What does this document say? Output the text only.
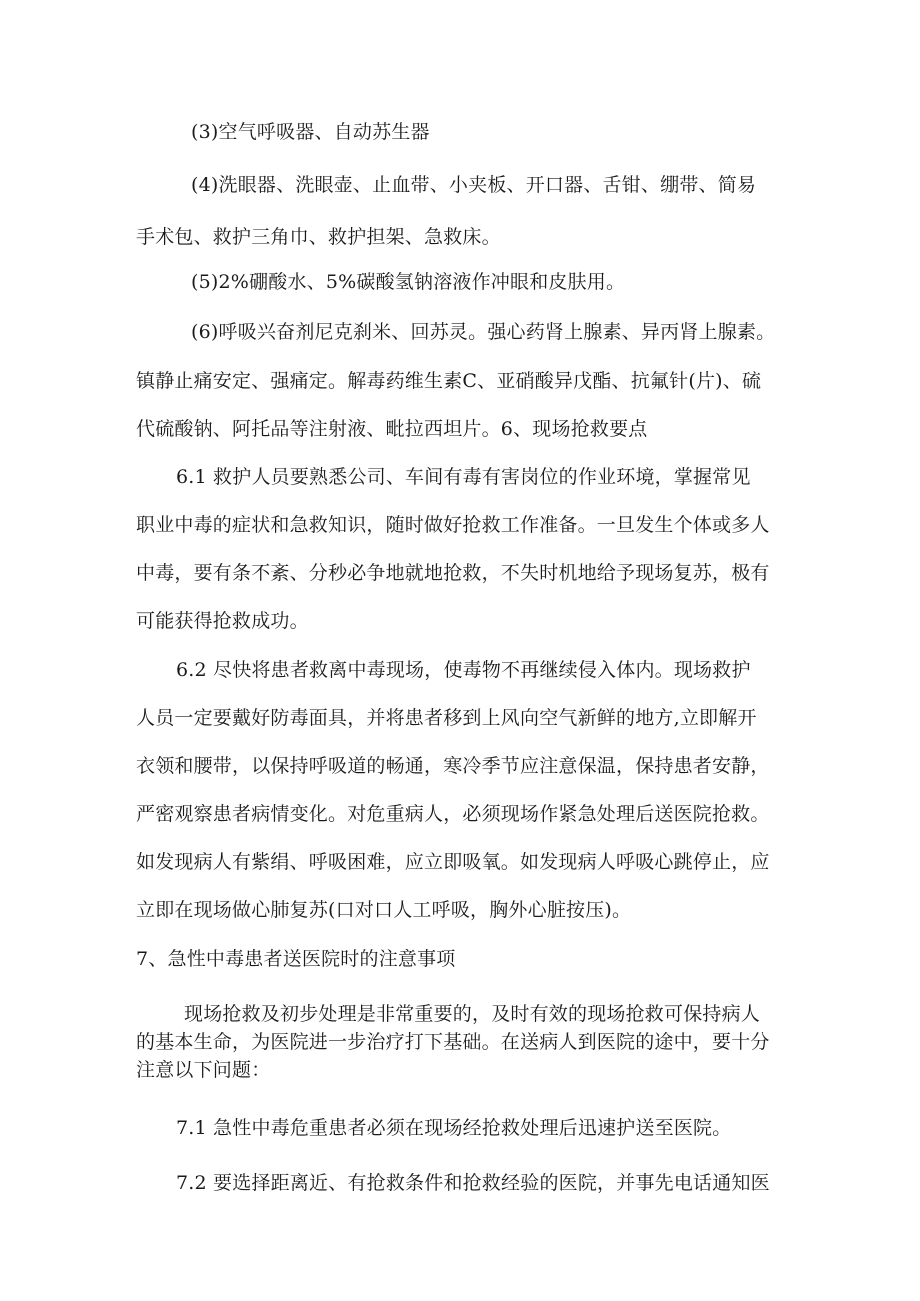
(3)空气呼吸器、自动苏生器

(4)洗眼器、洗眼壶、止血带、小夹板、开口器、舌钳、绷带、简易

手术包、救护三角巾、救护担架、急救床。

(5)2%硼酸水、5%碳酸氢钠溶液作冲眼和皮肤用。

(6)呼吸兴奋剂尼克刹米、回苏灵。强心药肾上腺素、异丙肾上腺素。

镇静止痛安定、强痛定。解毒药维生素C、亚硝酸异戊酯、抗氟针(片)、硫

代硫酸钠、阿托品等注射液、毗拉西坦片。6、现场抢救要点

6.1 救护人员要熟悉公司、车间有毒有害岗位的作业环境，掌握常见

职业中毒的症状和急救知识，随时做好抢救工作准备。一旦发生个体或多人

中毒，要有条不紊、分秒必争地就地抢救，不失时机地给予现场复苏，极有

可能获得抢救成功。

6.2 尽快将患者救离中毒现场，使毒物不再继续侵入体内。现场救护

人员一定要戴好防毒面具，并将患者移到上风向空气新鲜的地方,立即解开

衣领和腰带，以保持呼吸道的畅通，寒冷季节应注意保温，保持患者安静，

严密观察患者病情变化。对危重病人，必须现场作紧急处理后送医院抢救。

如发现病人有紫绢、呼吸困难，应立即吸氧。如发现病人呼吸心跳停止，应

立即在现场做心肺复苏(口对口人工呼吸，胸外心脏按压)。

7、急性中毒患者送医院时的注意事项

现场抢救及初步处理是非常重要的，及时有效的现场抢救可保持病人

的基本生命，为医院进一步治疗打下基础。在送病人到医院的途中，要十分

注意以下问题：

7.1 急性中毒危重患者必须在现场经抢救处理后迅速护送至医院。

7.2 要选择距离近、有抢救条件和抢救经验的医院，并事先电话通知医
